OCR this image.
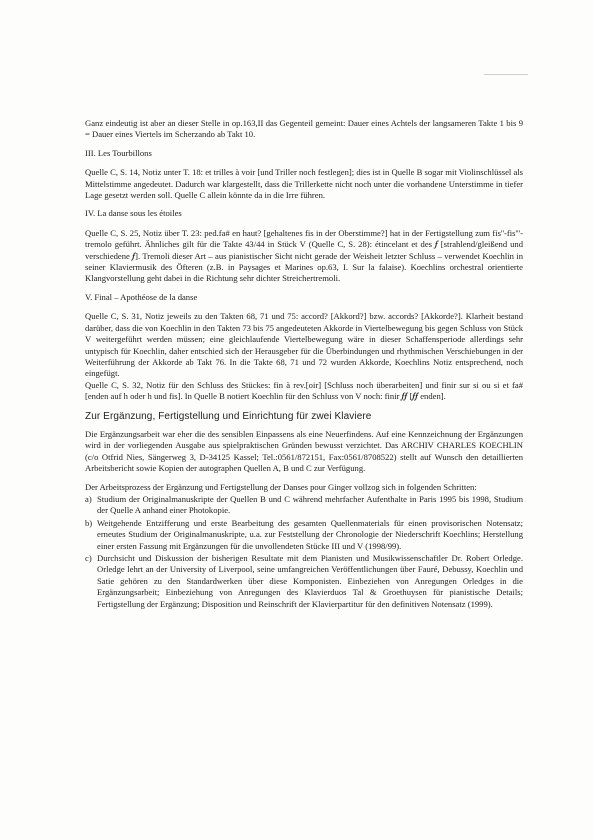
Ganz eindeutig ist aber an dieser Stelle in op.163,II das Gegenteil gemeint: Dauer eines Achtels der langsameren Takte 1 bis 9 = Dauer eines Viertels im Scherzando ab Takt 10.

III. Les Tourbillons

Quelle C, S. 14, Notiz unter T. 18: et trilles à voir [und Triller noch festlegen]; dies ist in Quelle B sogar mit Violinschlüssel als Mittelstimme angedeutet. Dadurch war klargestellt, dass die Trillerkette nicht noch unter die vorhandene Unterstimme in tiefer Lage gesetzt werden soll. Quelle C allein könnte da in die Irre führen.

IV. La danse sous les étoiles

Quelle C, S. 25, Notiz über T. 23: ped.fa# en haut? [gehaltenes fis in der Oberstimme?] hat in der Fertigstellung zum fis''-fis'''-tremolo geführt. Ähnliches gilt für die Takte 43/44 in Stück V (Quelle C, S. 28): étincelant et des 𝆑 [strahlend/gleißend und verschiedene 𝆑]. Tremoli dieser Art – aus pianistischer Sicht nicht gerade der Weisheit letzter Schluss – verwendet Koechlin in seiner Klaviermusik des Öfteren (z.B. in Paysages et Marines op.63, I. Sur la falaise). Koechlins orchestral orientierte Klangvorstellung geht dabei in die Richtung sehr dichter Streichertremoli.

V. Final – Apothéose de la danse

Quelle C, S. 31, Notiz jeweils zu den Takten 68, 71 und 75: accord? [Akkord?] bzw. accords? [Akkorde?]. Klarheit bestand darüber, dass die von Koechlin in den Takten 73 bis 75 angedeuteten Akkorde in Viertelbewegung bis gegen Schluss von Stück V weitergeführt werden müssen; eine gleichlaufende Viertelbewegung wäre in dieser Schaffensperiode allerdings sehr untypisch für Koechlin, daher entschied sich der Herausgeber für die Überbindungen und rhythmischen Verschiebungen in der Weiterführung der Akkorde ab Takt 76. In die Takte 68, 71 und 72 wurden Akkorde, Koechlins Notiz entsprechend, noch eingefügt.

Quelle C, S. 32, Notiz für den Schluss des Stückes: fin à rev.[oir] [Schluss noch überarbeiten] und finir sur si ou si et fa# [enden auf h oder h und fis]. In Quelle B notiert Koechlin für den Schluss von V noch: finir 𝆑𝆑 [𝆑𝆑 enden].

Zur Ergänzung, Fertigstellung und Einrichtung für zwei Klaviere

Die Ergänzungsarbeit war eher die des sensiblen Einpassens als eine Neuerfindens. Auf eine Kennzeichnung der Ergänzungen wird in der vorliegenden Ausgabe aus spielpraktischen Gründen bewusst verzichtet. Das ARCHIV CHARLES KOECHLIN (c/o Otfrid Nies, Sängerweg 3, D-34125 Kassel; Tel.:0561/872151, Fax:0561/8708522) stellt auf Wunsch den detaillierten Arbeitsbericht sowie Kopien der autographen Quellen A, B und C zur Verfügung.

Der Arbeitsprozess der Ergänzung und Fertigstellung der Danses pour Ginger vollzog sich in folgenden Schritten:

a) Studium der Originalmanuskripte der Quellen B und C während mehrfacher Aufenthalte in Paris 1995 bis 1998, Studium der Quelle A anhand einer Photokopie.
b) Weitgehende Entzifferung und erste Bearbeitung des gesamten Quellenmaterials für einen provisorischen Notensatz; erneutes Studium der Originalmanuskripte, u.a. zur Feststellung der Chronologie der Niederschrift Koechlins; Herstellung einer ersten Fassung mit Ergänzungen für die unvollendeten Stücke III und V (1998/99).
c) Durchsicht und Diskussion der bisherigen Resultate mit dem Pianisten und Musikwissenschaftler Dr. Robert Orledge. Orledge lehrt an der University of Liverpool, seine umfangreichen Veröffentlichungen über Fauré, Debussy, Koechlin und Satie gehören zu den Standardwerken über diese Komponisten. Einbeziehen von Anregungen Orledges in die Ergänzungsarbeit; Einbeziehung von Anregungen des Klavierduos Tal & Groethuysen für pianistische Details; Fertigstellung der Ergänzung; Disposition und Reinschrift der Klavierpartitur für den definitiven Notensatz (1999).
